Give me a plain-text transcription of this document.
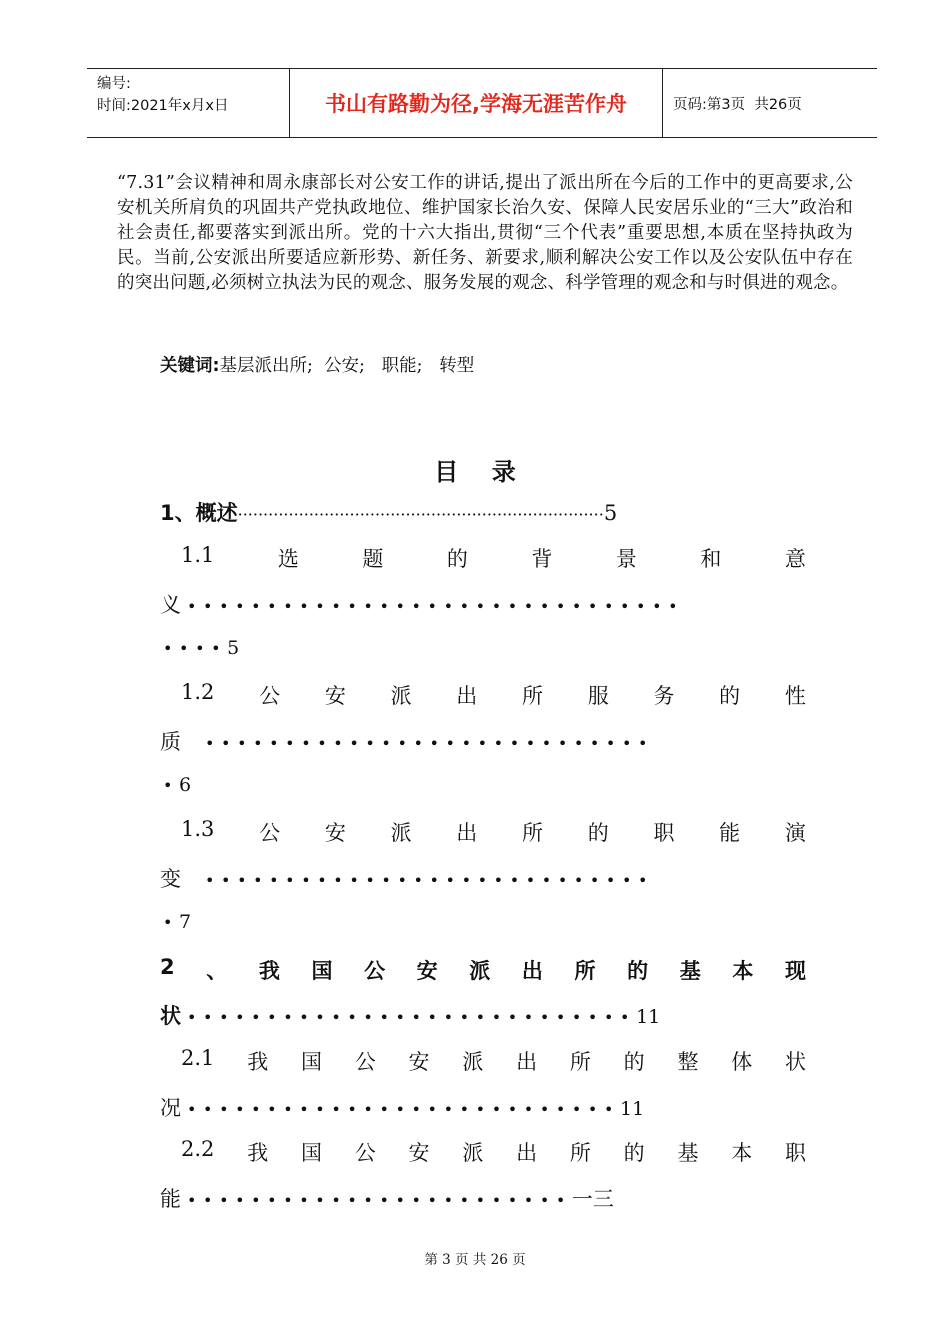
编号:
时间:2021年x月x日	书山有路勤为径,学海无涯苦作舟	页码:第3页  共26页
“7.31”会议精神和周永康部长对公安工作的讲话,提出了派出所在今后的工作中的更高要求,公安机关所肩负的巩固共产党执政地位、维护国家长治久安、保障人民安居乐业的“三大”政治和社会责任,都要落实到派出所。党的十六大指出,贯彻“三个代表”重要思想,本质在坚持执政为民。当前,公安派出所要适应新形势、新任务、新要求,顺利解决公安工作以及公安队伍中存在的突出问题,必须树立执法为民的观念、服务发展的观念、科学管理的观念和与时俱进的观念。
关键词:基层派出所;  公安;   职能;   转型
目    录
1、概述········································································5
1.1	选	题	的	背	景	和	意
义 •••••••••••••••••••••••••••••••
••••5
1.2 公 安 派 出 所 服 务 的 性
质 ••••••••••••••••••••••••••••
•6
1.3 公 安 派 出 所 的 职 能 演
变 ••••••••••••••••••••••••••••
•7
2 、 我 国 公 安 派 出 所 的 基 本 现
状 ••••••••••••••••••••••••••••11
2.1 我 国 公 安 派 出 所 的 整 体 状
况 •••••••••••••••••••••••••••11
2.2 我 国 公 安 派 出 所 的 基 本 职
能 ••••••••••••••••••••••••一三
第 3 页 共 26 页
